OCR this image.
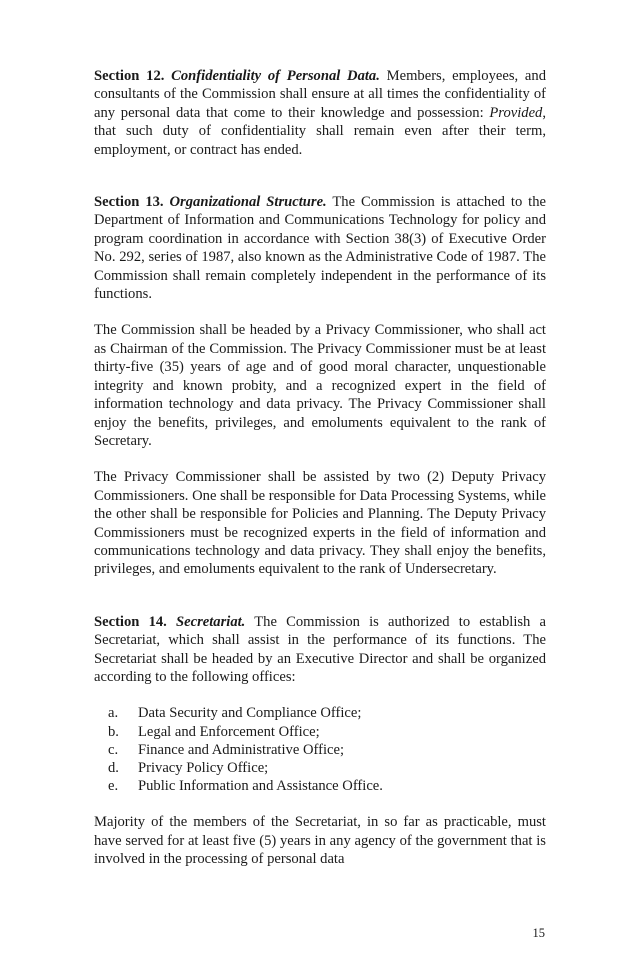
Section 12. Confidentiality of Personal Data. Members, employees, and consultants of the Commission shall ensure at all times the confidentiality of any personal data that come to their knowledge and possession: Provided, that such duty of confidentiality shall remain even after their term, employment, or contract has ended.

Section 13. Organizational Structure. The Commission is attached to the Department of Information and Communications Technology for policy and program coordination in accordance with Section 38(3) of Executive Order No. 292, series of 1987, also known as the Administrative Code of 1987. The Commission shall remain completely independent in the performance of its functions.

The Commission shall be headed by a Privacy Commissioner, who shall act as Chairman of the Commission. The Privacy Commissioner must be at least thirty-five (35) years of age and of good moral character, unquestionable integrity and known probity, and a recognized expert in the field of information technology and data privacy. The Privacy Commissioner shall enjoy the benefits, privileges, and emoluments equivalent to the rank of Secretary.

The Privacy Commissioner shall be assisted by two (2) Deputy Privacy Commissioners. One shall be responsible for Data Processing Systems, while the other shall be responsible for Policies and Planning. The Deputy Privacy Commissioners must be recognized experts in the field of information and communications technology and data privacy. They shall enjoy the benefits, privileges, and emoluments equivalent to the rank of Undersecretary.

Section 14. Secretariat. The Commission is authorized to establish a Secretariat, which shall assist in the performance of its functions. The Secretariat shall be headed by an Executive Director and shall be organized according to the following offices:

a.	Data Security and Compliance Office;
b.	Legal and Enforcement Office;
c.	Finance and Administrative Office;
d.	Privacy Policy Office;
e.	Public Information and Assistance Office.

Majority of the members of the Secretariat, in so far as practicable, must have served for at least five (5) years in any agency of the government that is involved in the processing of personal data

15
